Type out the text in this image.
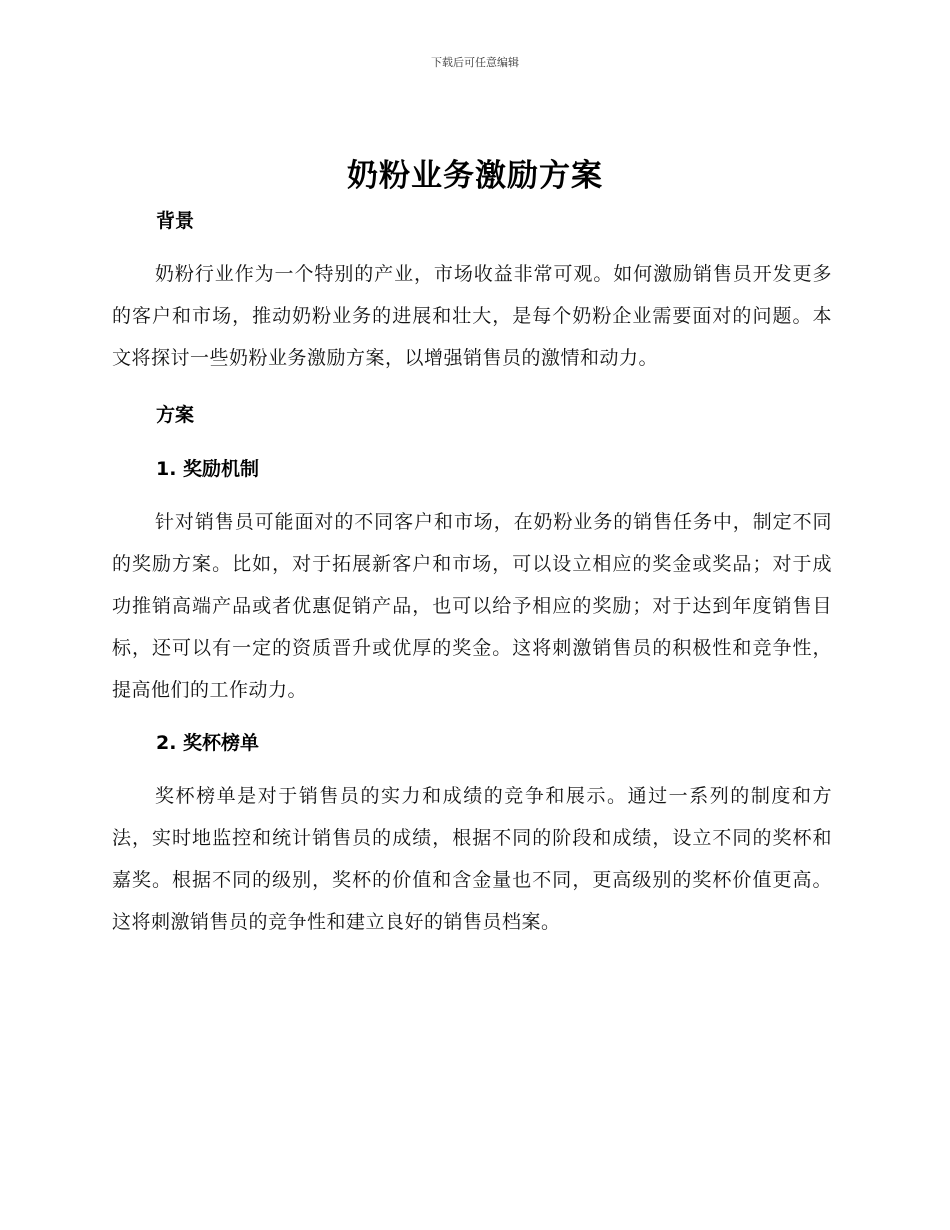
下载后可任意编辑
奶粉业务激励方案
背景

奶粉行业作为一个特别的产业，市场收益非常可观。如何激励销售员开发更多的客户和市场，推动奶粉业务的进展和壮大，是每个奶粉企业需要面对的问题。本文将探讨一些奶粉业务激励方案，以增强销售员的激情和动力。

方案
1. 奖励机制

针对销售员可能面对的不同客户和市场，在奶粉业务的销售任务中，制定不同的奖励方案。比如，对于拓展新客户和市场，可以设立相应的奖金或奖品；对于成功推销高端产品或者优惠促销产品，也可以给予相应的奖励；对于达到年度销售目标，还可以有一定的资质晋升或优厚的奖金。这将刺激销售员的积极性和竞争性，提高他们的工作动力。

2. 奖杯榜单

奖杯榜单是对于销售员的实力和成绩的竞争和展示。通过一系列的制度和方法，实时地监控和统计销售员的成绩，根据不同的阶段和成绩，设立不同的奖杯和嘉奖。根据不同的级别，奖杯的价值和含金量也不同，更高级别的奖杯价值更高。这将刺激销售员的竞争性和建立良好的销售员档案。
